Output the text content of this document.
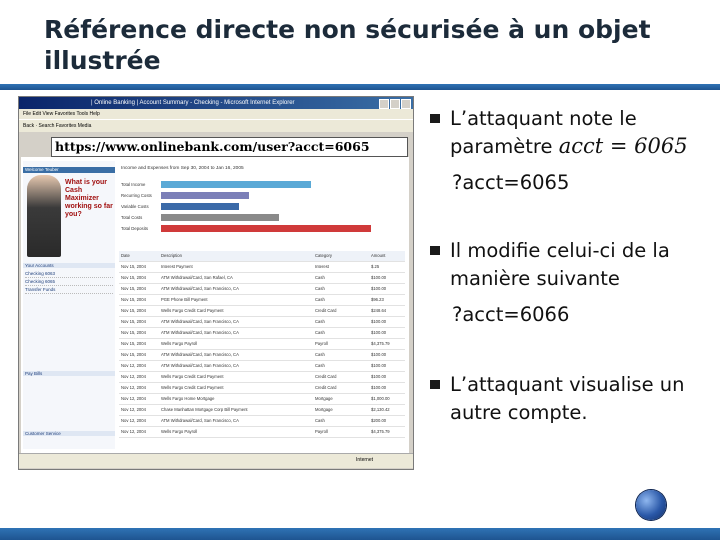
Référence directe non sécurisée à un objet illustrée
| Online Banking | Account Summary - Checking - Microsoft Internet Explorer
File Edit View Favorites Tools Help
Back · Search Favorites Media
https://www.onlinebank.com/user?acct=6065
Welcome Teuber
What is your Cash Maximizer working so far you?
Your Accounts
Checking 6063
Checking 6065
Transfer Funds
Pay Bills
Customer Service
Income and Expenses from Sep 30, 2004 to Jan 16, 2005
Total Income
Recurring Costs
Variable Costs
Total Costs
Total Deposits
Date	Description	Category	Amount
Nov 15, 2004	Interest Payment	Interest	$.25
Nov 15, 2004	ATM Withdrawal/Card, San Rafael, CA	Cash	$100.00
Nov 15, 2004	ATM Withdrawal/Card, San Francisco, CA	Cash	$100.00
Nov 15, 2004	PGE Phone Bill Payment	Cash	$96.23
Nov 15, 2004	Wells Fargo Credit Card Payment	Credit Card	$248.64
Nov 15, 2004	ATM Withdrawal/Card, San Francisco, CA	Cash	$100.00
Nov 15, 2004	ATM Withdrawal/Card, San Francisco, CA	Cash	$100.00
Nov 15, 2004	Wells Fargo Payroll	Payroll	$4,375.79
Nov 15, 2004	ATM Withdrawal/Card, San Francisco, CA	Cash	$100.00
Nov 12, 2004	ATM Withdrawal/Card, San Francisco, CA	Cash	$100.00
Nov 12, 2004	Wells Fargo Credit Card Payment	Credit Card	$100.00
Nov 12, 2004	Wells Fargo Credit Card Payment	Credit Card	$100.00
Nov 12, 2004	Wells Fargo Home Mortgage	Mortgage	$1,000.00
Nov 12, 2004	Chase Manhattan Mortgage Corp Bill Payment	Mortgage	$2,130.42
Nov 12, 2004	ATM Withdrawal/Card, San Francisco, CA	Cash	$200.00
Nov 12, 2004	Wells Fargo Payroll	Payroll	$4,375.79
Internet
L’attaquant note le
paramètre acct = 6065
?acct=6065
Il modifie celui-ci de la
manière suivante
?acct=6066
L’attaquant visualise un
autre compte.
